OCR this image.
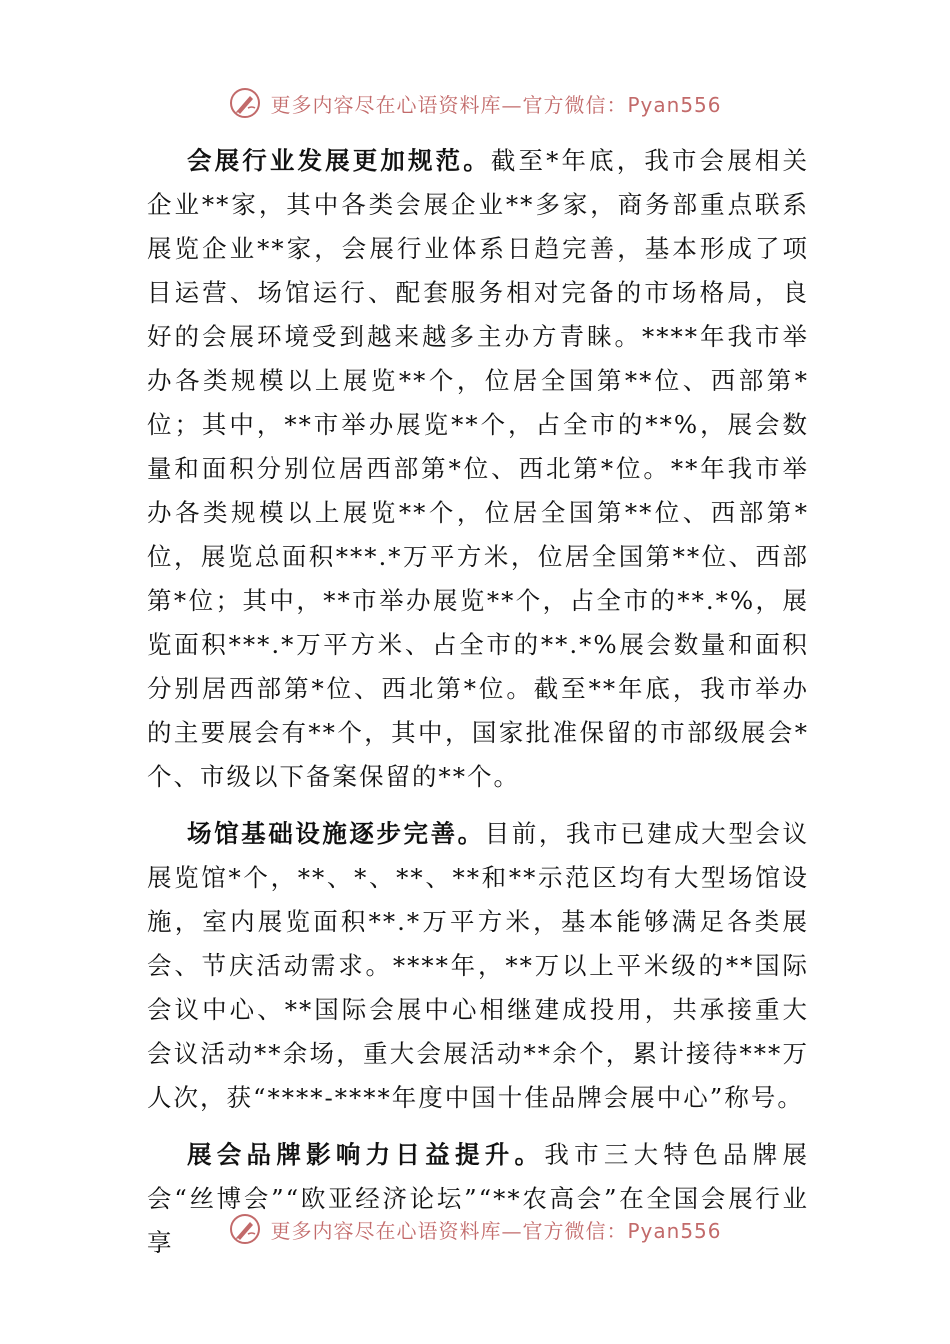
更多内容尽在心语资料库—官方微信：Pyan556

会展行业发展更加规范。截至*年底，我市会展相关企业**家，其中各类会展企业**多家，商务部重点联系展览企业**家，会展行业体系日趋完善，基本形成了项目运营、场馆运行、配套服务相对完备的市场格局，良好的会展环境受到越来越多主办方青睐。****年我市举办各类规模以上展览**个，位居全国第**位、西部第*位；其中，**市举办展览**个，占全市的**%，展会数量和面积分别位居西部第*位、西北第*位。**年我市举办各类规模以上展览**个，位居全国第**位、西部第*位，展览总面积***.*万平方米，位居全国第**位、西部第*位；其中，**市举办展览**个，占全市的**.*%，展览面积***.*万平方米、占全市的**.*%展会数量和面积分别居西部第*位、西北第*位。截至**年底，我市举办的主要展会有**个，其中，国家批准保留的市部级展会*个、市级以下备案保留的**个。

场馆基础设施逐步完善。目前，我市已建成大型会议展览馆*个，**、*、**、**和**示范区均有大型场馆设施，室内展览面积**.*万平方米，基本能够满足各类展会、节庆活动需求。****年，**万以上平米级的**国际会议中心、**国际会展中心相继建成投用，共承接重大会议活动**余场，重大会展活动**余个，累计接待***万人次，获“****-****年度中国十佳品牌会展中心”称号。

展会品牌影响力日益提升。我市三大特色品牌展会“丝博会”“欧亚经济论坛”“**农高会”在全国会展行业享	更多内容尽在心语资料库—官方微信：Pyan556
